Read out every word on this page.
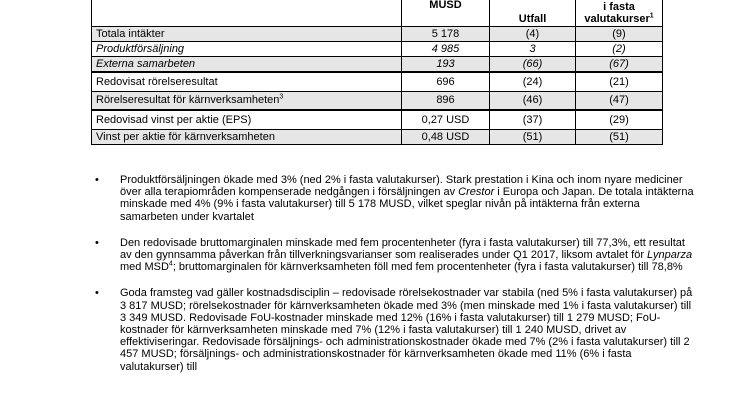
	MUSD	Utfall	i fasta
valutakurser$^1$

Totala intäkter	5 178	(4)	(9)
Produktförsäljning	4 985	3	(2)
Externa samarbeten	193	(66)	(67)
Redovisat rörelseresultat	696	(24)	(21)
Rörelseresultat för kärnverksamheten$^3$	896	(46)	(47)
Redovisad vinst per aktie (EPS)	0,27 USD	(37)	(29)
Vinst per aktie för kärnverksamheten	0,48 USD	(51)	(51)
• Produktförsäljningen ökade med 3% (ned 2% i fasta valutakurser). Stark prestation i Kina och inom nyare mediciner över alla terapiområden kompenserade nedgången i försäljningen av Crestor i Europa och Japan. De totala intäkterna minskade med 4% (9% i fasta valutakurser) till 5 178 MUSD, vilket speglar nivån på intäkterna från externa samarbeten under kvartalet

• Den redovisade bruttomarginalen minskade med fem procentenheter (fyra i fasta valutakurser) till 77,3%, ett resultat av den gynnsamma påverkan från tillverkningsvarianser som realiserades under Q1 2017, liksom avtalet för Lynparza med MSD$^4$; bruttomarginalen för kärnverksamheten föll med fem procentenheter (fyra i fasta valutakurser) till 78,8%

• Goda framsteg vad gäller kostnadsdisciplin – redovisade rörelsekostnader var stabila (ned 5% i fasta valutakurser) på 3 817 MUSD; rörelsekostnader för kärnverksamheten ökade med 3% (men minskade med 1% i fasta valutakurser) till 3 349 MUSD. Redovisade FoU-kostnader minskade med 12% (16% i fasta valutakurser) till 1 279 MUSD; FoU-kostnader för kärnverksamheten minskade med 7% (12% i fasta valutakurser) till 1 240 MUSD, drivet av effektiviseringar. Redovisade försäljnings- och administrationskostnader ökade med 7% (2% i fasta valutakurser) till 2 457 MUSD; försäljnings- och administrationskostnader för kärnverksamheten ökade med 11% (6% i fasta valutakurser) till
